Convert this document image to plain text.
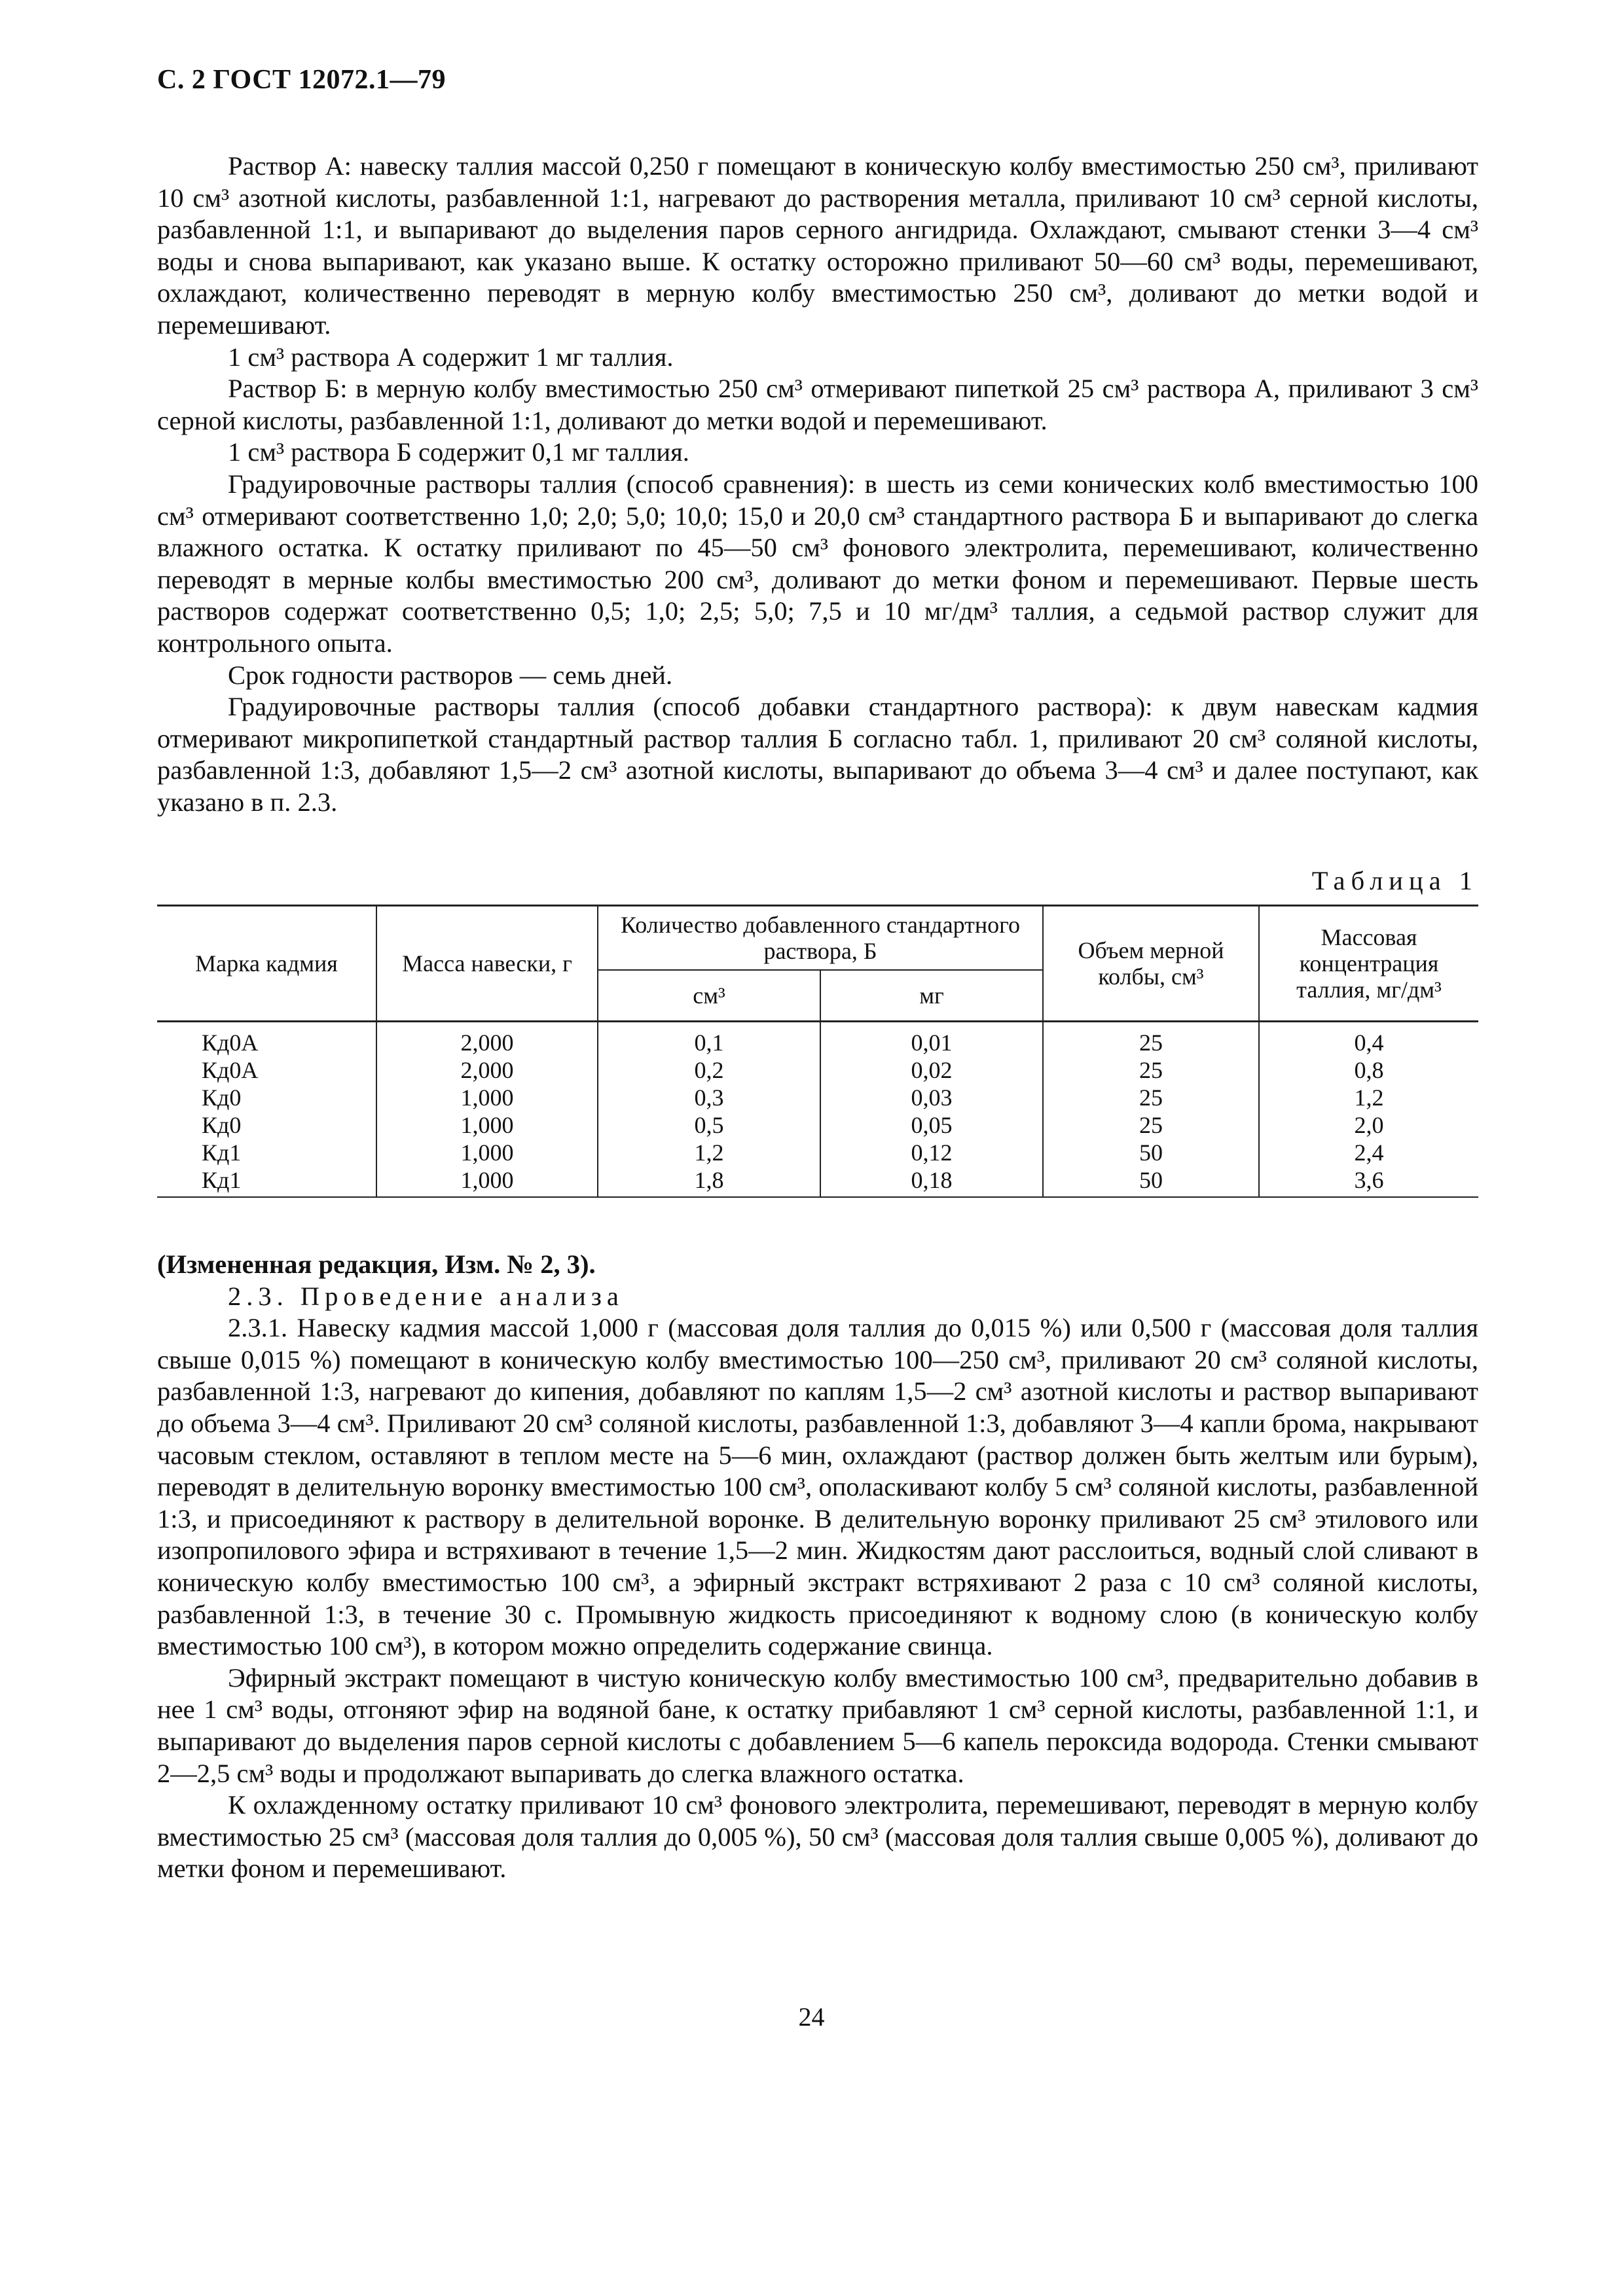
С. 2 ГОСТ 12072.1—79

Раствор А: навеску таллия массой 0,250 г помещают в коническую колбу вместимостью 250 см³, приливают 10 см³ азотной кислоты, разбавленной 1:1, нагревают до растворения металла, приливают 10 см³ серной кислоты, разбавленной 1:1, и выпаривают до выделения паров серного ангидрида. Охлаждают, смывают стенки 3—4 см³ воды и снова выпаривают, как указано выше. К остатку осторожно приливают 50—60 см³ воды, перемешивают, охлаждают, количественно переводят в мерную колбу вместимостью 250 см³, доливают до метки водой и перемешивают.

1 см³ раствора А содержит 1 мг таллия.

Раствор Б: в мерную колбу вместимостью 250 см³ отмеривают пипеткой 25 см³ раствора А, приливают 3 см³ серной кислоты, разбавленной 1:1, доливают до метки водой и перемешивают.

1 см³ раствора Б содержит 0,1 мг таллия.

Градуировочные растворы таллия (способ сравнения): в шесть из семи конических колб вместимостью 100 см³ отмеривают соответственно 1,0; 2,0; 5,0; 10,0; 15,0 и 20,0 см³ стандартного раствора Б и выпаривают до слегка влажного остатка. К остатку приливают по 45—50 см³ фонового электролита, перемешивают, количественно переводят в мерные колбы вместимостью 200 см³, доливают до метки фоном и перемешивают. Первые шесть растворов содержат соответственно 0,5; 1,0; 2,5; 5,0; 7,5 и 10 мг/дм³ таллия, а седьмой раствор служит для контрольного опыта.

Срок годности растворов — семь дней.

Градуировочные растворы таллия (способ добавки стандартного раствора): к двум навескам кадмия отмеривают микропипеткой стандартный раствор таллия Б согласно табл. 1, приливают 20 см³ соляной кислоты, разбавленной 1:3, добавляют 1,5—2 см³ азотной кислоты, выпаривают до объема 3—4 см³ и далее поступают, как указано в п. 2.3.

Таблица 1
Марка кадмия	Масса навески, г	Количество добавленного стандартного раствора, Б		Объем мерной колбы, см³	Массовая концентрация таллия, мг/дм³
		см³	мг		
Кд0А	2,000	0,1	0,01	25	0,4
Кд0А	2,000	0,2	0,02	25	0,8
Кд0	1,000	0,3	0,03	25	1,2
Кд0	1,000	0,5	0,05	25	2,0
Кд1	1,000	1,2	0,12	50	2,4
Кд1	1,000	1,8	0,18	50	3,6

(Измененная редакция, Изм. № 2, 3).

2.3. Проведение анализа

2.3.1. Навеску кадмия массой 1,000 г (массовая доля таллия до 0,015 %) или 0,500 г (массовая доля таллия свыше 0,015 %) помещают в коническую колбу вместимостью 100—250 см³, приливают 20 см³ соляной кислоты, разбавленной 1:3, нагревают до кипения, добавляют по каплям 1,5—2 см³ азотной кислоты и раствор выпаривают до объема 3—4 см³. Приливают 20 см³ соляной кислоты, разбавленной 1:3, добавляют 3—4 капли брома, накрывают часовым стеклом, оставляют в теплом месте на 5—6 мин, охлаждают (раствор должен быть желтым или бурым), переводят в делительную воронку вместимостью 100 см³, ополаскивают колбу 5 см³ соляной кислоты, разбавленной 1:3, и присоединяют к раствору в делительной воронке. В делительную воронку приливают 25 см³ этилового или изопропилового эфира и встряхивают в течение 1,5—2 мин. Жидкостям дают расслоиться, водный слой сливают в коническую колбу вместимостью 100 см³, а эфирный экстракт встряхивают 2 раза с 10 см³ соляной кислоты, разбавленной 1:3, в течение 30 с. Промывную жидкость присоединяют к водному слою (в коническую колбу вместимостью 100 см³), в котором можно определить содержание свинца.

Эфирный экстракт помещают в чистую коническую колбу вместимостью 100 см³, предварительно добавив в нее 1 см³ воды, отгоняют эфир на водяной бане, к остатку прибавляют 1 см³ серной кислоты, разбавленной 1:1, и выпаривают до выделения паров серной кислоты с добавлением 5—6 капель пероксида водорода. Стенки смывают 2—2,5 см³ воды и продолжают выпаривать до слегка влажного остатка.

К охлажденному остатку приливают 10 см³ фонового электролита, перемешивают, переводят в мерную колбу вместимостью 25 см³ (массовая доля таллия до 0,005 %), 50 см³ (массовая доля таллия свыше 0,005 %), доливают до метки фоном и перемешивают.

24
